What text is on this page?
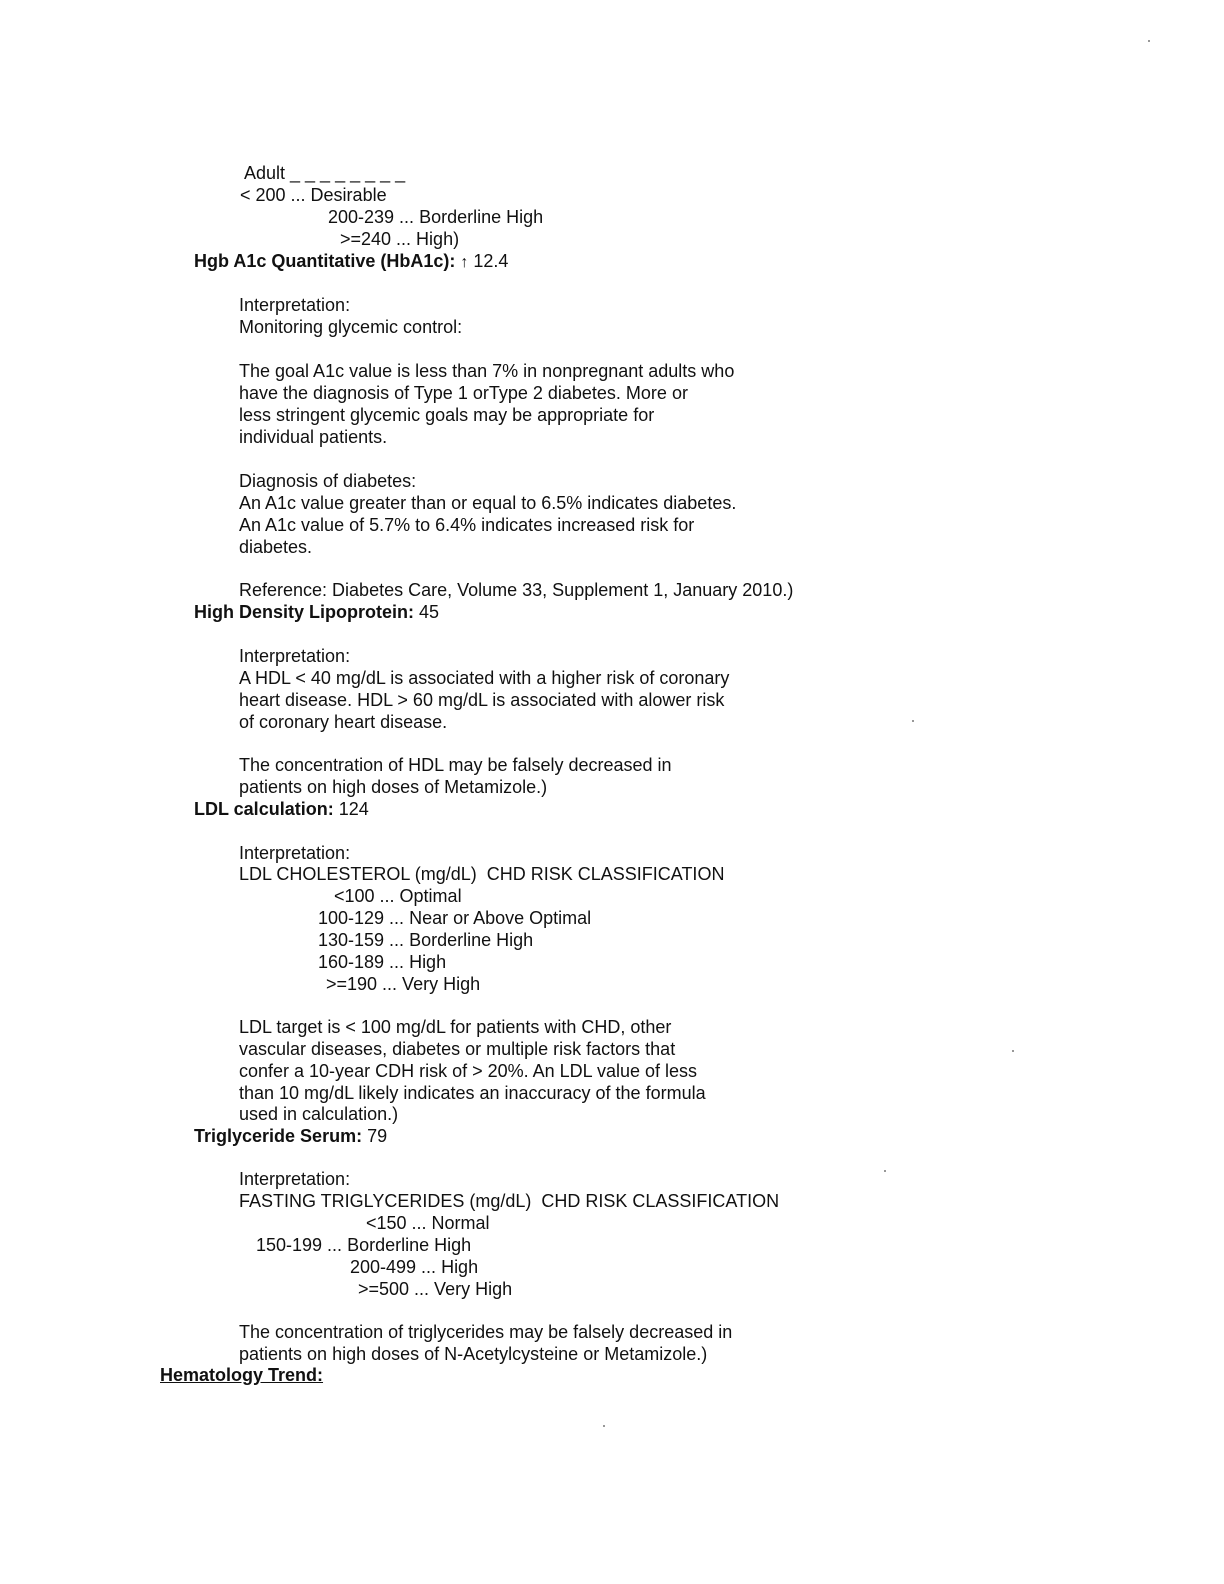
Adult _ _ _ _ _ _ _ _
< 200 ... Desirable
200-239 ... Borderline High
>=240 ... High)
Hgb A1c Quantitative (HbA1c): ↑ 12.4
Interpretation:
Monitoring glycemic control:
The goal A1c value is less than 7% in nonpregnant adults who
have the diagnosis of Type 1 orType 2 diabetes. More or
less stringent glycemic goals may be appropriate for
individual patients.
Diagnosis of diabetes:
An A1c value greater than or equal to 6.5% indicates diabetes.
An A1c value of 5.7% to 6.4% indicates increased risk for
diabetes.
Reference: Diabetes Care, Volume 33, Supplement 1, January 2010.)
High Density Lipoprotein: 45
Interpretation:
A HDL < 40 mg/dL is associated with a higher risk of coronary
heart disease. HDL > 60 mg/dL is associated with alower risk
of coronary heart disease.
The concentration of HDL may be falsely decreased in
patients on high doses of Metamizole.)
LDL calculation: 124
Interpretation:
LDL CHOLESTEROL (mg/dL)  CHD RISK CLASSIFICATION
<100 ... Optimal
100-129 ... Near or Above Optimal
130-159 ... Borderline High
160-189 ... High
>=190 ... Very High
LDL target is < 100 mg/dL for patients with CHD, other
vascular diseases, diabetes or multiple risk factors that
confer a 10-year CDH risk of > 20%. An LDL value of less
than 10 mg/dL likely indicates an inaccuracy of the formula
used in calculation.)
Triglyceride Serum: 79
Interpretation:
FASTING TRIGLYCERIDES (mg/dL)  CHD RISK CLASSIFICATION
<150 ... Normal
150-199 ... Borderline High
200-499 ... High
>=500 ... Very High
The concentration of triglycerides may be falsely decreased in
patients on high doses of N-Acetylcysteine or Metamizole.)
Hematology Trend:
